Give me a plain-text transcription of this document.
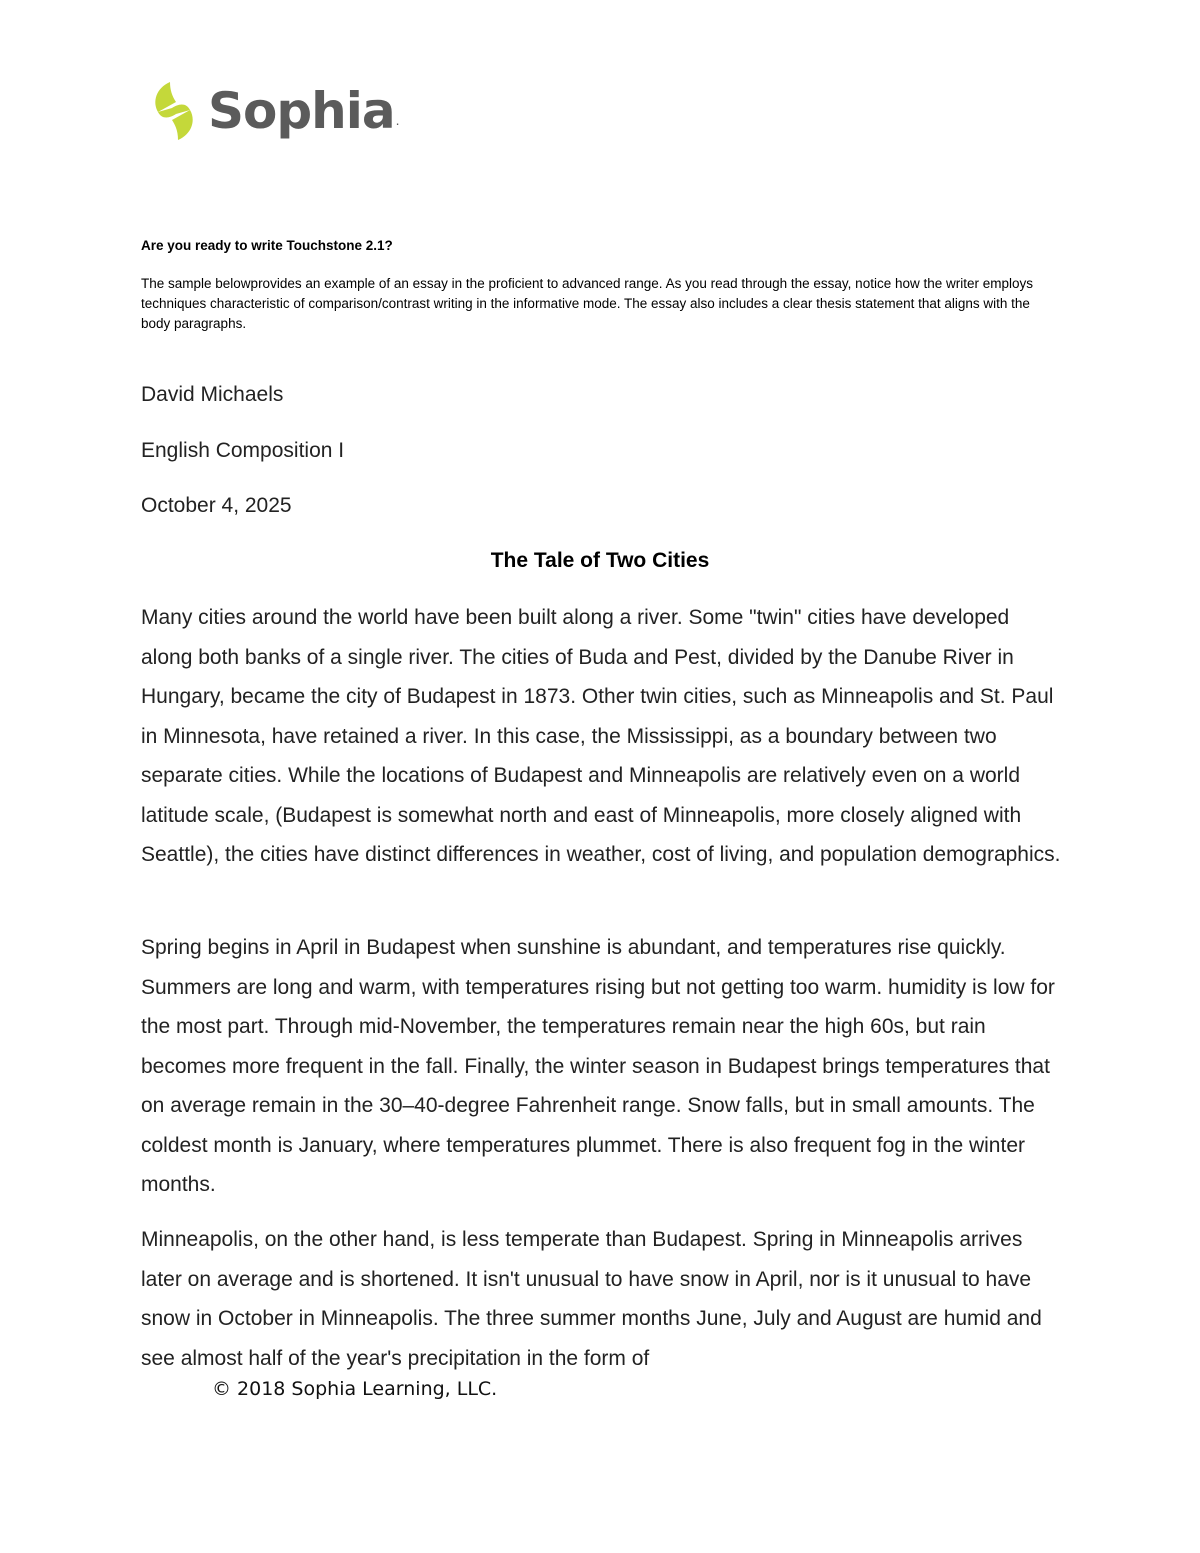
Sophia .

Are you ready to write Touchstone 2.1?

The sample belowprovides an example of an essay in the proficient to advanced range. As you read through the essay, notice how the writer employs techniques characteristic of comparison/contrast writing in the informative mode. The essay also includes a clear thesis statement that aligns with the body paragraphs.

David Michaels

English Composition I

October 4, 2025

The Tale of Two Cities

Many cities around the world have been built along a river. Some "twin" cities have developed along both banks of a single river. The cities of Buda and Pest, divided by the Danube River in Hungary, became the city of Budapest in 1873. Other twin cities, such as Minneapolis and St. Paul in Minnesota, have retained a river. In this case, the Mississippi, as a boundary between two separate cities. While the locations of Budapest and Minneapolis are relatively even on a world latitude scale, (Budapest is somewhat north and east of Minneapolis, more closely aligned with Seattle), the cities have distinct differences in weather, cost of living, and population demographics.

Spring begins in April in Budapest when sunshine is abundant, and temperatures rise quickly. Summers are long and warm, with temperatures rising but not getting too warm. humidity is low for the most part. Through mid-November, the temperatures remain near the high 60s, but rain becomes more frequent in the fall. Finally, the winter season in Budapest brings temperatures that on average remain in the 30–40-degree Fahrenheit range. Snow falls, but in small amounts. The coldest month is January, where temperatures plummet. There is also frequent fog in the winter months.

Minneapolis, on the other hand, is less temperate than Budapest. Spring in Minneapolis arrives later on average and is shortened. It isn't unusual to have snow in April, nor is it unusual to have snow in October in Minneapolis. The three summer months June, July and August are humid and see almost half of the year's precipitation in the form of

© 2018 Sophia Learning, LLC.
